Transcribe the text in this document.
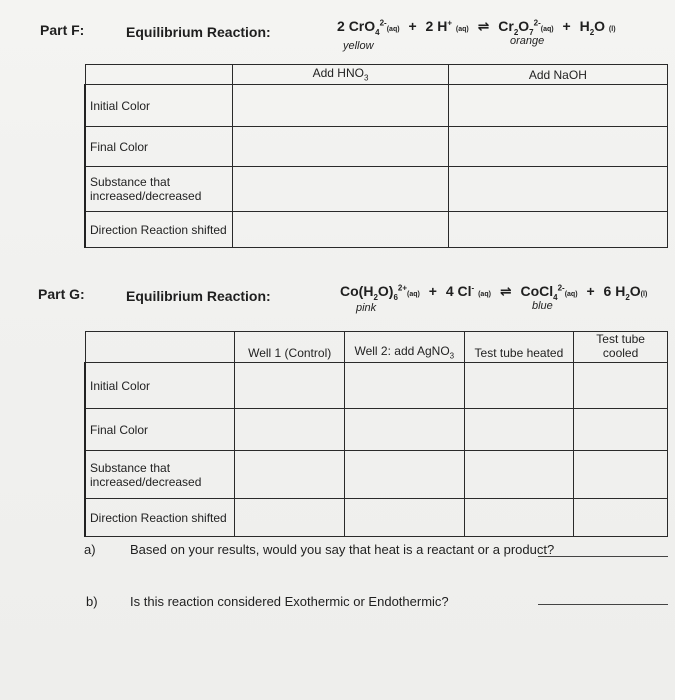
Part F:	Equilibrium Reaction:	2 CrO$_4^{2-}$(aq) + 2 H+ (aq) ⇌ $Cr_2O_7^{2-}(aq) + H_2O$ (l)
yellow	orange
	Add $HNO_3$	Add NaOH
Initial Color		
Final Color		
Substance that increased/decreased		
Direction Reaction shifted		
Part G:	Equilibrium Reaction:	$Co(H_2O)_6^{2+}(aq) + 4$ Cl- (aq) ⇌ CoCl$_4^{2-}$(aq) + 6 $H_2O(l)$
pink	blue
	Well 1 (Control)	Well 2: add AgNO$_3$	Test tube heated	Test tube cooled
Initial Color				
Final Color				
Substance that increased/decreased				
Direction Reaction shifted				
a)	Based on your results, would you say that heat is a reactant or a product?
b) Is this reaction considered Exothermic or Endothermic?
